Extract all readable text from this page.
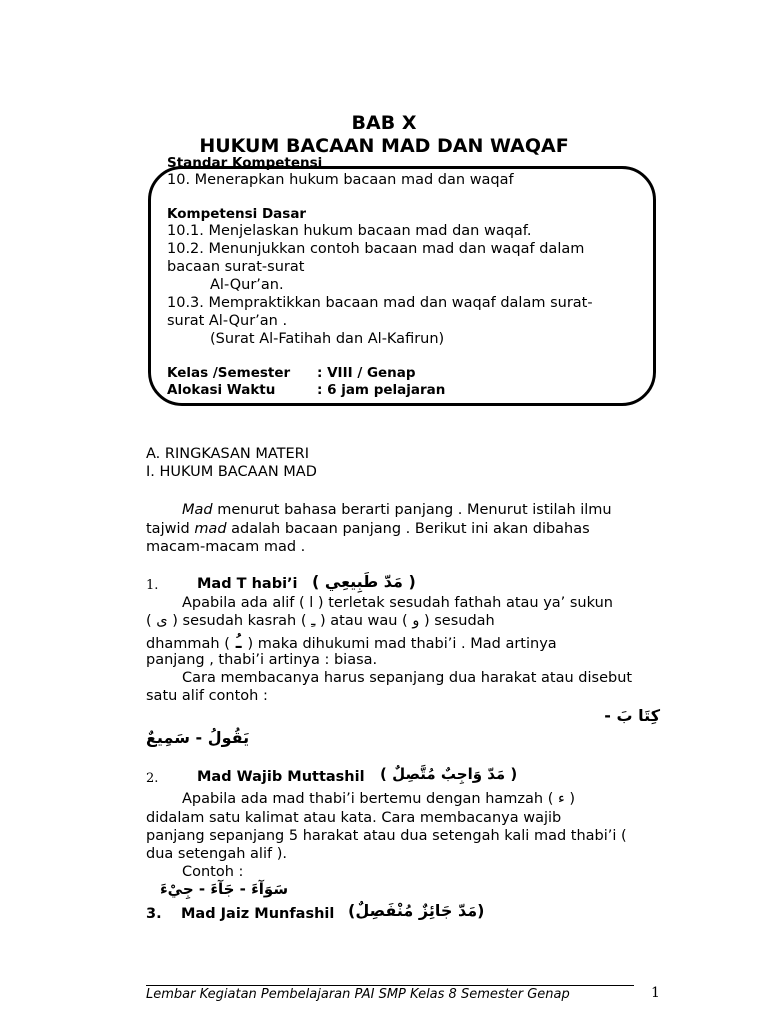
BAB X
HUKUM BACAAN MAD DAN WAQAF
Standar Kompetensi
10. Menerapkan hukum bacaan mad dan waqaf
Kompetensi Dasar
10.1. Menjelaskan hukum bacaan mad dan waqaf.
10.2. Menunjukkan contoh bacaan mad dan waqaf dalam
bacaan surat-surat
Al-Qur’an.
10.3. Mempraktikkan bacaan mad dan waqaf dalam surat-
surat Al-Qur’an .
(Surat Al-Fatihah dan Al-Kafirun)
Kelas /Semester : VIII / Genap
Alokasi Waktu	: 6 jam pelajaran
A. RINGKASAN MATERI
I. HUKUM BACAAN MAD
Mad menurut bahasa berarti panjang . Menurut istilah ilmu
tajwid mad adalah bacaan panjang . Berikut ini akan dibahas
macam-macam mad .
1.	Mad T habi’i ( مَدّ طَبِيعِي )
Apabila ada alif ( ا ) terletak sesudah fathah atau ya’ sukun
( ى ) sesudah kasrah ( ـِ ) atau wau ( و ) sesudah
dhammah ( ـُ ) maka dihukumi mad thabi’i . Mad artinya
panjang , thabi’i artinya : biasa.
Cara membacanya harus sepanjang dua harakat atau disebut
satu alif contoh :
كِتَا بَ -
يَقُولُ - سَمِيعٌ
2.	Mad Wajib Muttashil ( مَدّ وَاجِبٌ مُتَّصِلٌ )
Apabila ada mad thabi’i bertemu dengan hamzah ( ء )
didalam satu kalimat atau kata. Cara membacanya wajib
panjang sepanjang 5 harakat atau dua setengah kali mad thabi’i (
dua setengah alif ).
Contoh :
سَوَآءَ - جَآءَ - جِيْءَ
3. Mad Jaiz Munfashil (مَدّ جَائِزٌ مُنْفَصِلٌ)
Lembar Kegiatan Pembelajaran PAI SMP Kelas 8 Semester Genap	1
